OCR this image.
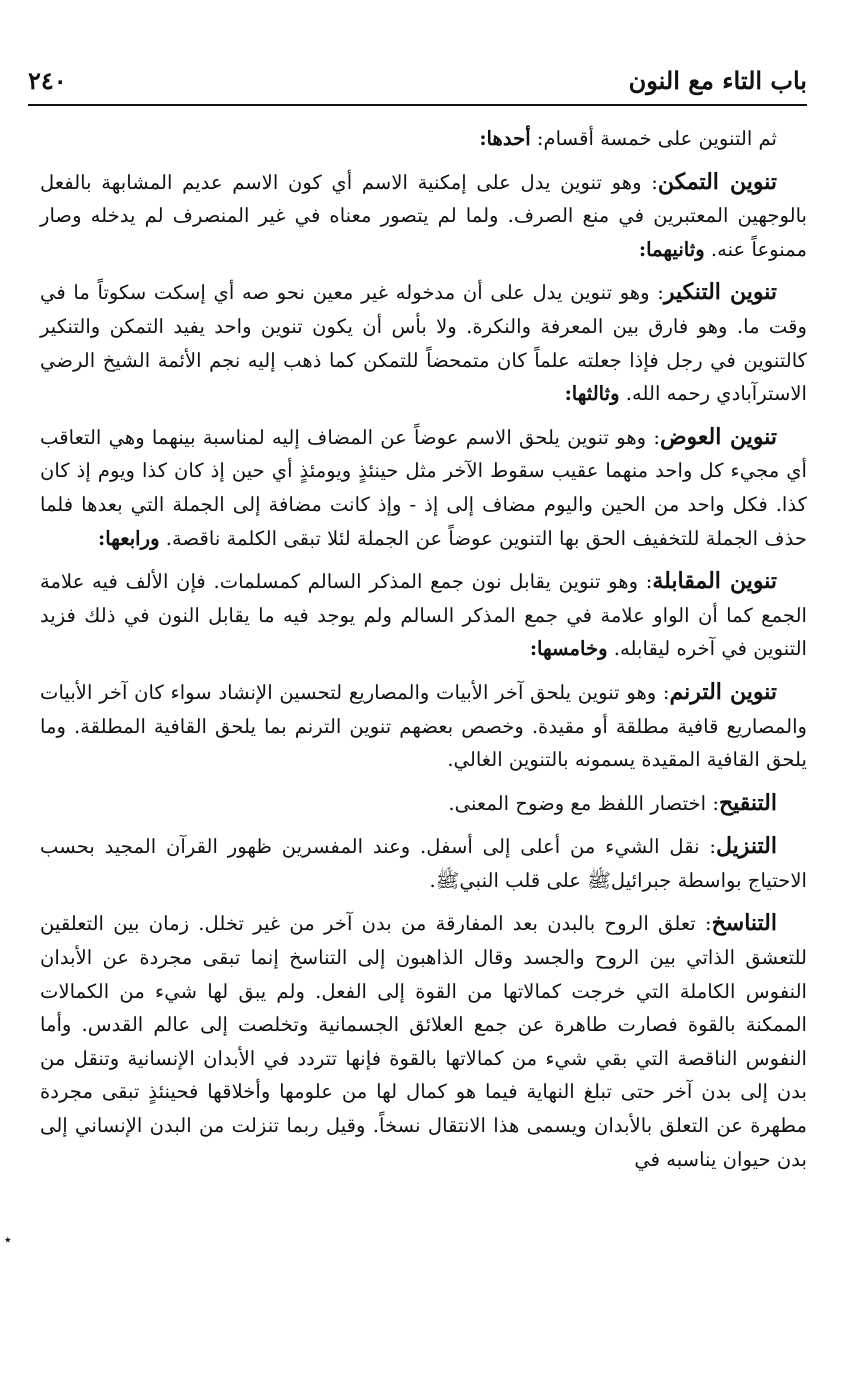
باب التاء مع النون
٢٤٠

ثم التنوين على خمسة أقسام: أحدها:

تنوين التمكن: وهو تنوين يدل على إمكنية الاسم أي كون الاسم عديم المشابهة بالفعل بالوجهين المعتبرين في منع الصرف. ولما لم يتصور معناه في غير المنصرف لم يدخله وصار ممنوعاً عنه. وثانيهما:

تنوين التنكير: وهو تنوين يدل على أن مدخوله غير معين نحو صه أي إسكت سكوتاً ما في وقت ما. وهو فارق بين المعرفة والنكرة. ولا بأس أن يكون تنوين واحد يفيد التمكن والتنكير كالتنوين في رجل فإذا جعلته علماً كان متمحضاً للتمكن كما ذهب إليه نجم الأئمة الشيخ الرضي الاسترآبادي رحمه الله. وثالثها:

تنوين العوض: وهو تنوين يلحق الاسم عوضاً عن المضاف إليه لمناسبة بينهما وهي التعاقب أي مجيء كل واحد منهما عقيب سقوط الآخر مثل حينئذٍ ويومئذٍ أي حين إذ كان كذا ويوم إذ كان كذا. فكل واحد من الحين واليوم مضاف إلى إذ - وإذ كانت مضافة إلى الجملة التي بعدها فلما حذف الجملة للتخفيف الحق بها التنوين عوضاً عن الجملة لئلا تبقى الكلمة ناقصة. ورابعها:

تنوين المقابلة: وهو تنوين يقابل نون جمع المذكر السالم كمسلمات. فإن الألف فيه علامة الجمع كما أن الواو علامة في جمع المذكر السالم ولم يوجد فيه ما يقابل النون في ذلك فزيد التنوين في آخره ليقابله. وخامسها:

تنوين الترنم: وهو تنوين يلحق آخر الأبيات والمصاريع لتحسين الإنشاد سواء كان آخر الأبيات والمصاريع قافية مطلقة أو مقيدة. وخصص بعضهم تنوين الترنم بما يلحق القافية المطلقة. وما يلحق القافية المقيدة يسمونه بالتنوين الغالي.

التنقيح: اختصار اللفظ مع وضوح المعنى.

التنزيل: نقل الشيء من أعلى إلى أسفل. وعند المفسرين ظهور القرآن المجيد بحسب الاحتياج بواسطة جبرائيلﷺ على قلب النبيﷺ.

التناسخ: تعلق الروح بالبدن بعد المفارقة من بدن آخر من غير تخلل. زمان بين التعلقين للتعشق الذاتي بين الروح والجسد وقال الذاهبون إلى التناسخ إنما تبقى مجردة عن الأبدان النفوس الكاملة التي خرجت كمالاتها من القوة إلى الفعل. ولم يبق لها شيء من الكمالات الممكنة بالقوة فصارت طاهرة عن جمع العلائق الجسمانية وتخلصت إلى عالم القدس. وأما النفوس الناقصة التي بقي شيء من كمالاتها بالقوة فإنها تتردد في الأبدان الإنسانية وتنقل من بدن إلى بدن آخر حتى تبلغ النهاية فيما هو كمال لها من علومها وأخلاقها فحينئذٍ تبقى مجردة مطهرة عن التعلق بالأبدان ويسمى هذا الانتقال نسخاً. وقيل ربما تنزلت من البدن الإنساني إلى بدن حيوان يناسبه في

٭
